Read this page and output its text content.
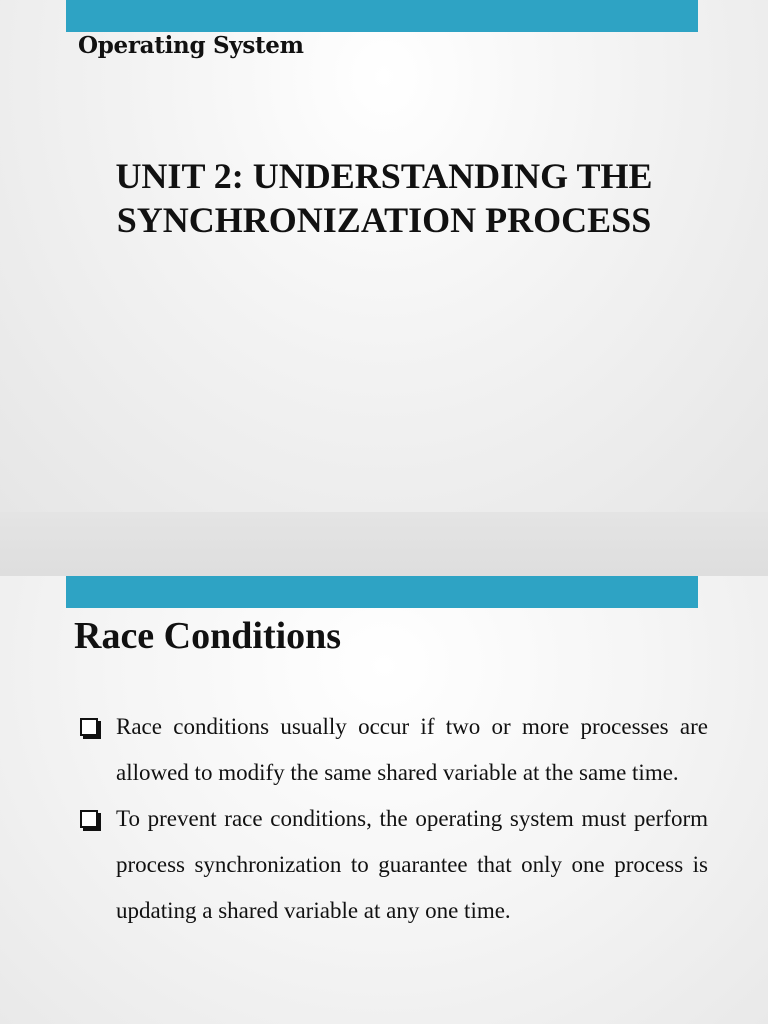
Operating System
UNIT 2: UNDERSTANDING THE
SYNCHRONIZATION PROCESS
Race Conditions
Race conditions usually occur if two or more processes are allowed to modify the same shared variable at the same time.
To prevent race conditions, the operating system must perform process synchronization to guarantee that only one process is updating a shared variable at any one time.
